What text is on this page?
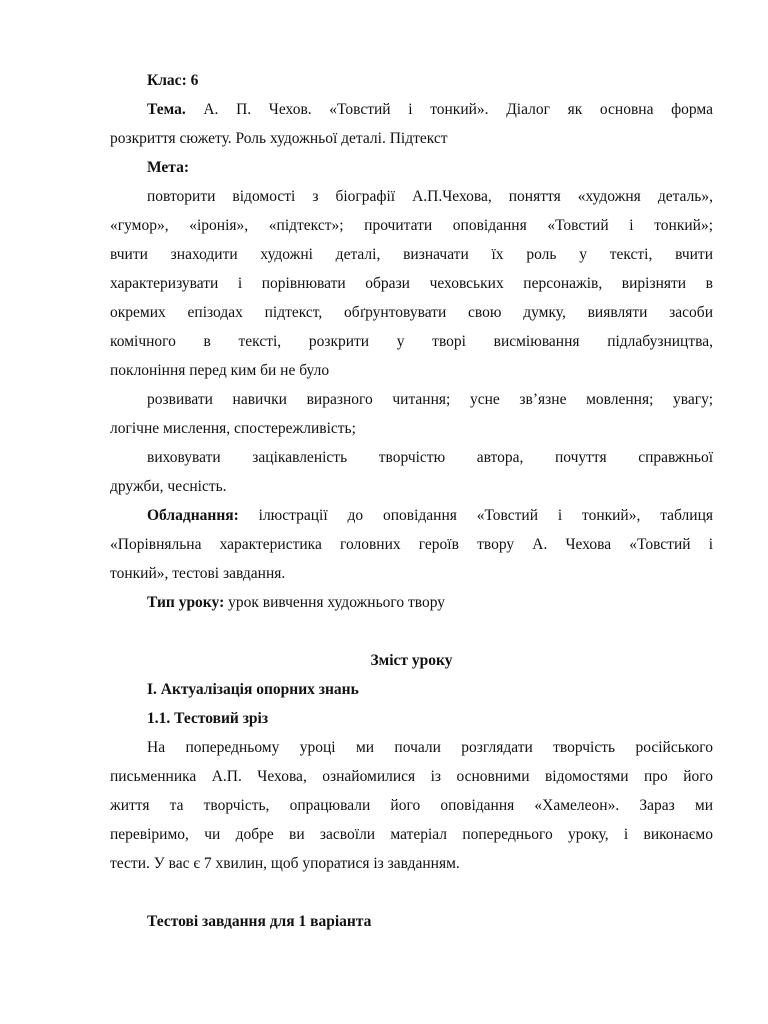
Клас: 6
Тема. А. П. Чехов. «Товстий і тонкий». Діалог як основна форма
розкриття сюжету. Роль художньої деталі. Підтекст
Мета:
повторити відомості з біографії А.П.Чехова, поняття «художня деталь»,
«гумор», «іронія», «підтекст»; прочитати оповідання «Товстий і тонкий»;
вчити знаходити художні деталі, визначати їх роль у тексті, вчити
характеризувати і порівнювати образи чеховських персонажів, вирізняти в
окремих епізодах підтекст, обґрунтовувати свою думку, виявляти засоби
комічного в тексті, розкрити у творі висміювання підлабузництва,
поклоніння перед ким би не було
розвивати навички виразного читання; усне зв’язне мовлення; увагу;
логічне мислення, спостережливість;
виховувати зацікавленість творчістю автора, почуття справжньої
дружби, чесність.
Обладнання: ілюстрації до оповідання «Товстий і тонкий», таблиця
«Порівняльна характеристика головних героїв твору А. Чехова «Товстий і
тонкий», тестові завдання.
Тип уроку: урок вивчення художнього твору
Зміст уроку
І. Актуалізація опорних знань
1.1. Тестовий зріз
На попередньому уроці ми почали розглядати творчість російського
письменника А.П. Чехова, ознайомилися із основними відомостями про його
життя та творчість, опрацювали його оповідання «Хамелеон». Зараз ми
перевіримо, чи добре ви засвоїли матеріал попереднього уроку, і виконаємо
тести. У вас є 7 хвилин, щоб упоратися із завданням.
Тестові завдання для 1 варіанта
